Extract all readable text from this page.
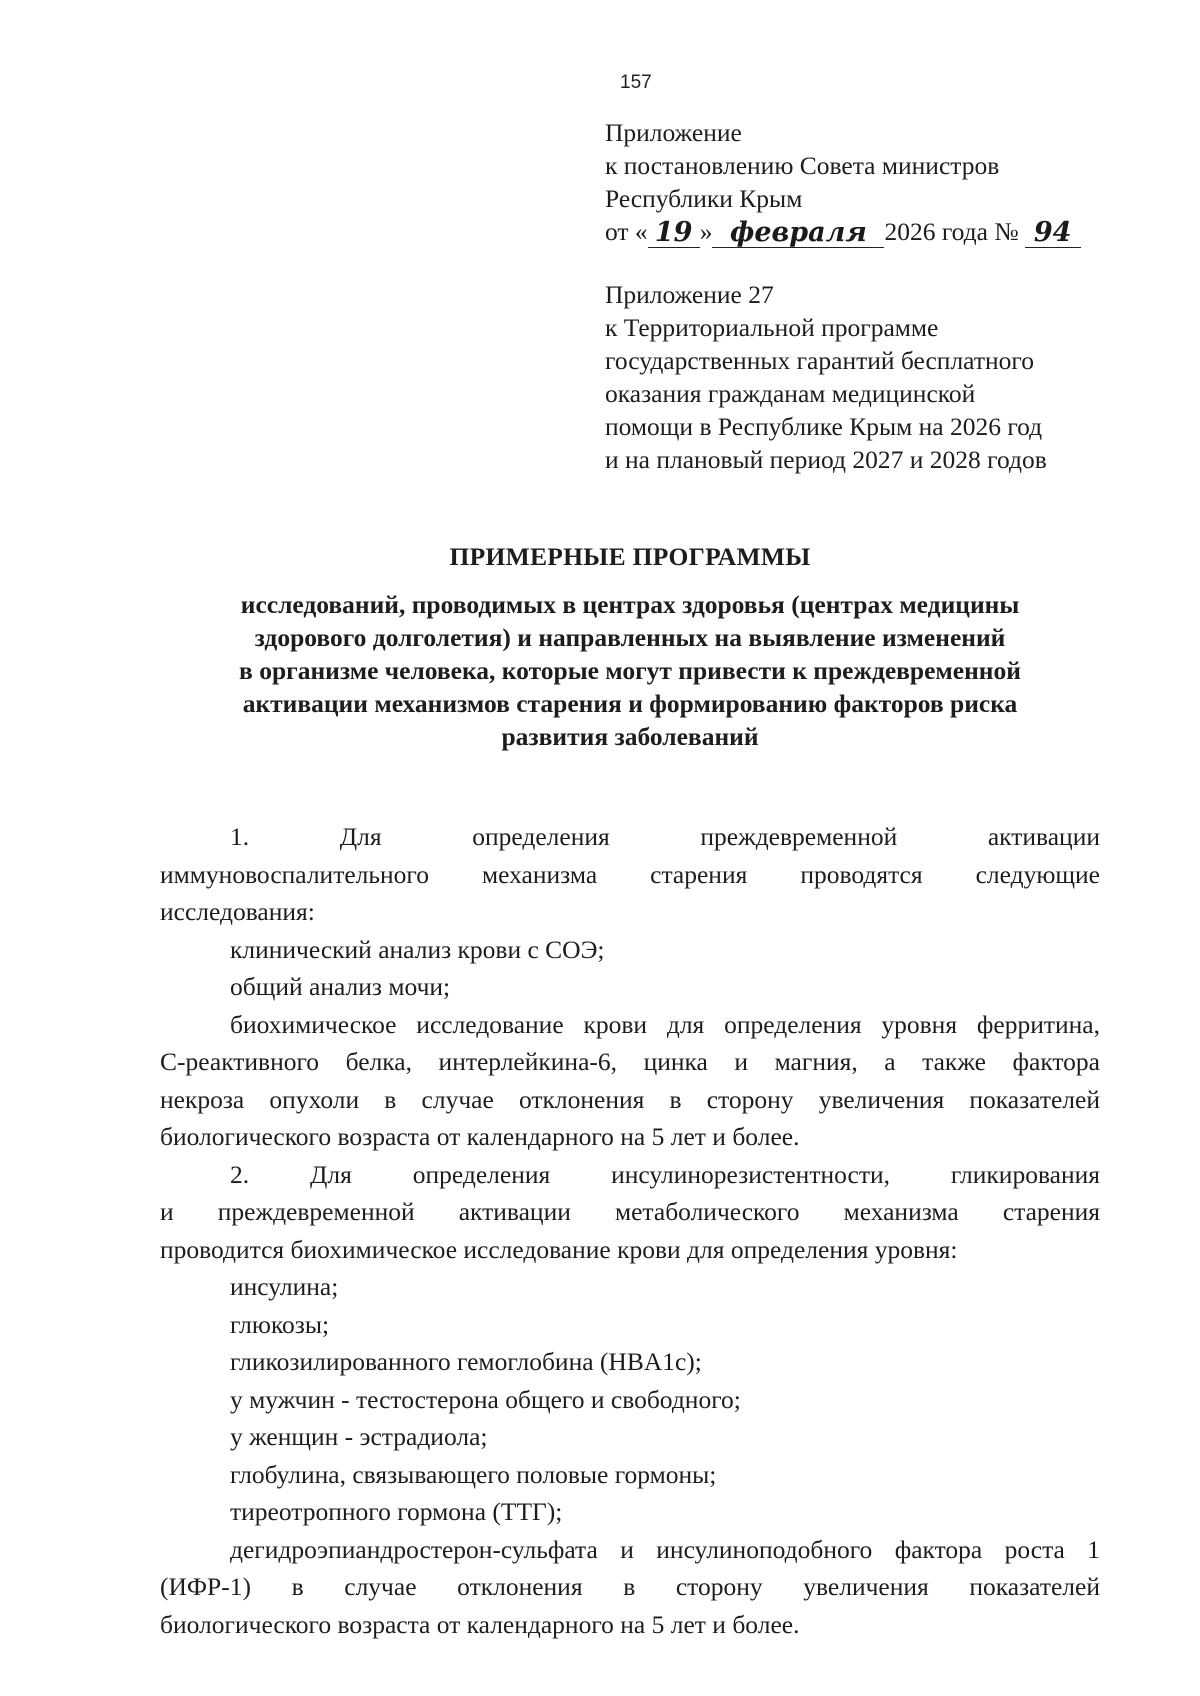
157
Приложение
к постановлению Совета министров
Республики Крым
от « 19 » февраля 2026 года № 94
Приложение 27
к Территориальной программе
государственных гарантий бесплатного
оказания гражданам медицинской
помощи в Республике Крым на 2026 год
и на плановый период 2027 и 2028 годов
ПРИМЕРНЫЕ ПРОГРАММЫ
исследований, проводимых в центрах здоровья (центрах медицины
здорового долголетия) и направленных на выявление изменений
в организме человека, которые могут привести к преждевременной
активации механизмов старения и формированию факторов риска
развития заболеваний
1. Для определения преждевременной активации
иммуновоспалительного механизма старения проводятся следующие
исследования:
клинический анализ крови с СОЭ;
общий анализ мочи;
биохимическое исследование крови для определения уровня ферритина,
С-реактивного белка, интерлейкина-6, цинка и магния, а также фактора
некроза опухоли в случае отклонения в сторону увеличения показателей
биологического возраста от календарного на 5 лет и более.
2. Для определения инсулинорезистентности, гликирования
и преждевременной активации метаболического механизма старения
проводится биохимическое исследование крови для определения уровня:
инсулина;
глюкозы;
гликозилированного гемоглобина (HBA1c);
у мужчин - тестостерона общего и свободного;
у женщин - эстрадиола;
глобулина, связывающего половые гормоны;
тиреотропного гормона (ТТГ);
дегидроэпиандростерон-сульфата и инсулиноподобного фактора роста 1
(ИФР-1) в случае отклонения в сторону увеличения показателей
биологического возраста от календарного на 5 лет и более.
